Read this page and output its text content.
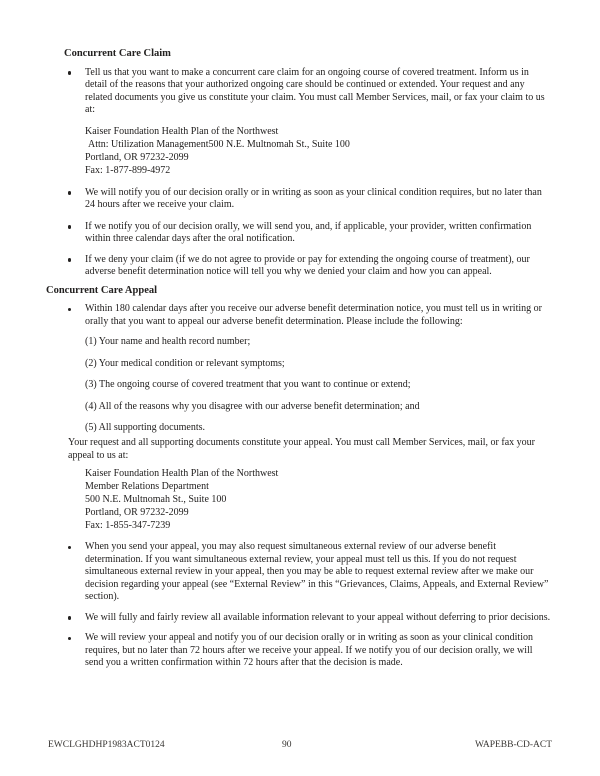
Concurrent Care Claim
Tell us that you want to make a concurrent care claim for an ongoing course of covered treatment. Inform us in detail of the reasons that your authorized ongoing care should be continued or extended. Your request and any related documents you give us constitute your claim. You must call Member Services, mail, or fax your claim to us at:
Kaiser Foundation Health Plan of the Northwest
Attn: Utilization Management500 N.E. Multnomah St., Suite 100
Portland, OR 97232-2099
Fax: 1-877-899-4972
We will notify you of our decision orally or in writing as soon as your clinical condition requires, but no later than 24 hours after we receive your claim.
If we notify you of our decision orally, we will send you, and, if applicable, your provider, written confirmation within three calendar days after the oral notification.
If we deny your claim (if we do not agree to provide or pay for extending the ongoing course of treatment), our adverse benefit determination notice will tell you why we denied your claim and how you can appeal.
Concurrent Care Appeal
Within 180 calendar days after you receive our adverse benefit determination notice, you must tell us in writing or orally that you want to appeal our adverse benefit determination. Please include the following:
(1) Your name and health record number;
(2) Your medical condition or relevant symptoms;
(3) The ongoing course of covered treatment that you want to continue or extend;
(4) All of the reasons why you disagree with our adverse benefit determination; and
(5) All supporting documents.

Your request and all supporting documents constitute your appeal. You must call Member Services, mail, or fax your appeal to us at:

Kaiser Foundation Health Plan of the Northwest
Member Relations Department
500 N.E. Multnomah St., Suite 100
Portland, OR 97232-2099
Fax: 1-855-347-7239
When you send your appeal, you may also request simultaneous external review of our adverse benefit determination. If you want simultaneous external review, your appeal must tell us this. If you do not request simultaneous external review in your appeal, then you may be able to request external review after we make our decision regarding your appeal (see “External Review” in this “Grievances, Claims, Appeals, and External Review” section).
We will fully and fairly review all available information relevant to your appeal without deferring to prior decisions.
We will review your appeal and notify you of our decision orally or in writing as soon as your clinical condition requires, but no later than 72 hours after we receive your appeal. If we notify you of our decision orally, we will send you a written confirmation within 72 hours after that the decision is made.
EWCLGHDHP1983ACT0124	90	WAPEBB-CD-ACT
